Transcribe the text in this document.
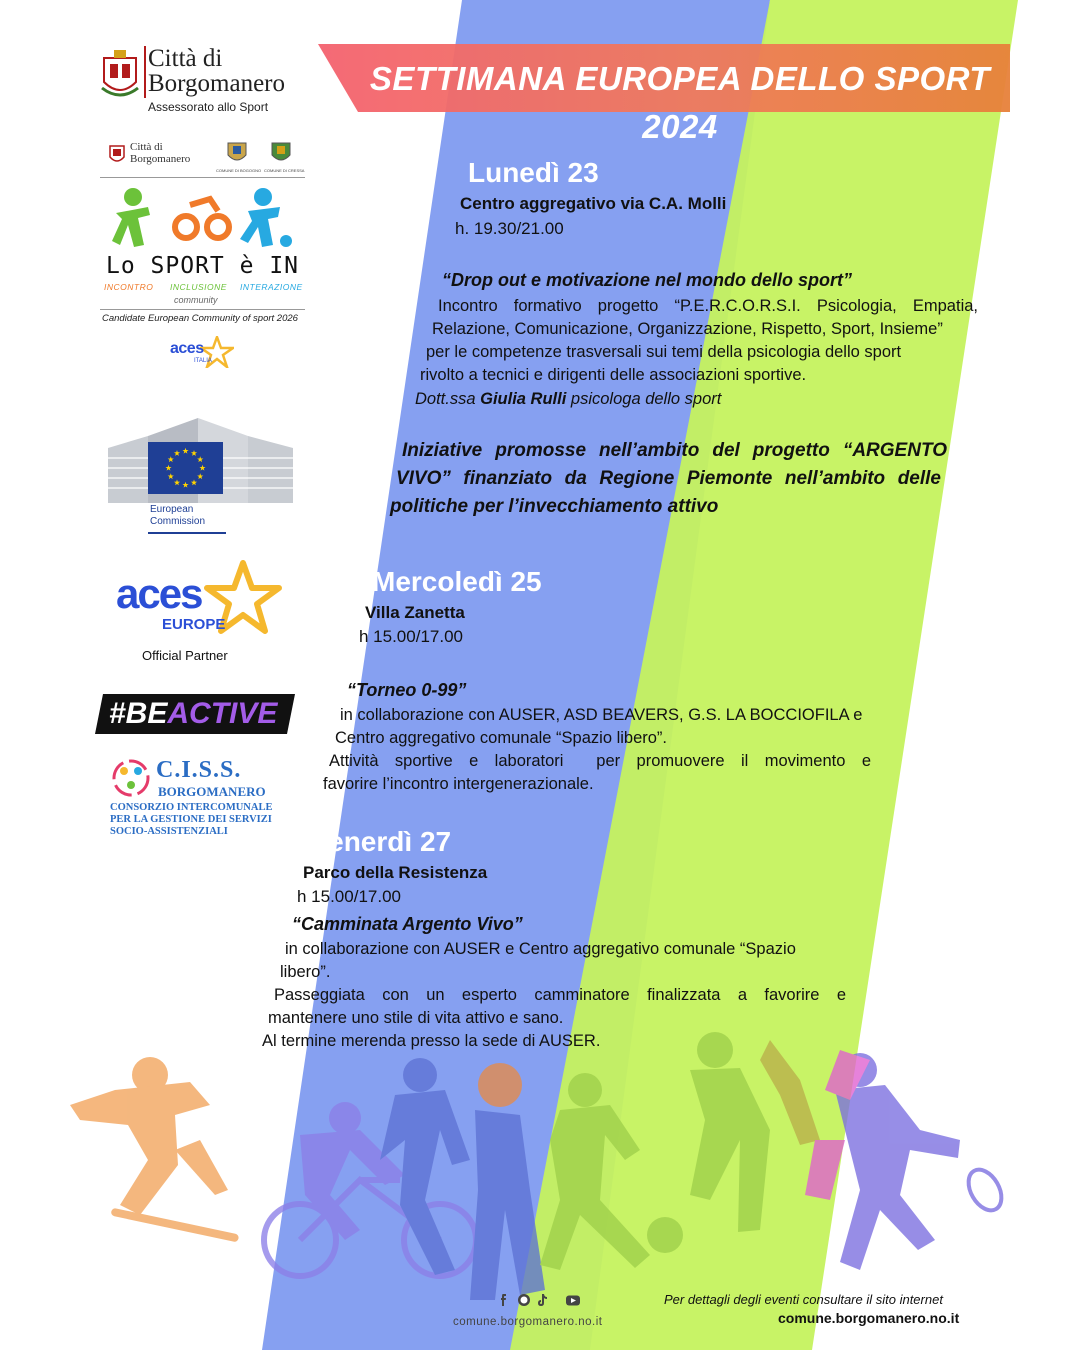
SETTIMANA EUROPEA DELLO SPORT 2024
Città di
Borgomanero
Assessorato allo Sport
Città di
Borgomanero
COMUNE DI BOGOGNO COMUNE DI CRESSA
Lo SPORT è IN
INCONTRO INCLUSIONE INTERAZIONE
community
Candidate European Community of sport 2026
aces
ITALIA
European
Commission
aces
EUROPE
Official Partner
#BEACTIVE
C.I.S.S.
BORGOMANERO
CONSORZIO INTERCOMUNALE
PER LA GESTIONE DEI SERVIZI
SOCIO-ASSISTENZIALI
Lunedì 23
Centro aggregativo via C.A. Molli
h. 19.30/21.00
“Drop out e motivazione nel mondo dello sport”
Incontro formativo progetto “P.E.R.C.O.R.S.I. Psicologia, Empatia,
Relazione, Comunicazione, Organizzazione, Rispetto, Sport, Insieme”
per le competenze trasversali sui temi della psicologia dello sport
rivolto a tecnici e dirigenti delle associazioni sportive.
Dott.ssa Giulia Rulli psicologa dello sport
Iniziative promosse nell’ambito del progetto “ARGENTO
VIVO” finanziato da Regione Piemonte nell’ambito delle
politiche per l’invecchiamento attivo
Mercoledì 25
Villa Zanetta
h 15.00/17.00
“Torneo 0-99”
in collaborazione con AUSER, ASD BEAVERS, G.S. LA BOCCIOFILA e
Centro aggregativo comunale “Spazio libero”.
Attività sportive e laboratori  per promuovere il movimento e
favorire l’incontro intergenerazionale.
Venerdì 27
Parco della Resistenza
h 15.00/17.00
“Camminata Argento Vivo”
in collaborazione con AUSER e Centro aggregativo comunale “Spazio
libero”.
Passeggiata con un esperto camminatore finalizzata a favorire e
mantenere uno stile di vita attivo e sano.
Al termine merenda presso la sede di AUSER.
comune.borgomanero.no.it
Per dettagli degli eventi consultare il sito internet
comune.borgomanero.no.it
